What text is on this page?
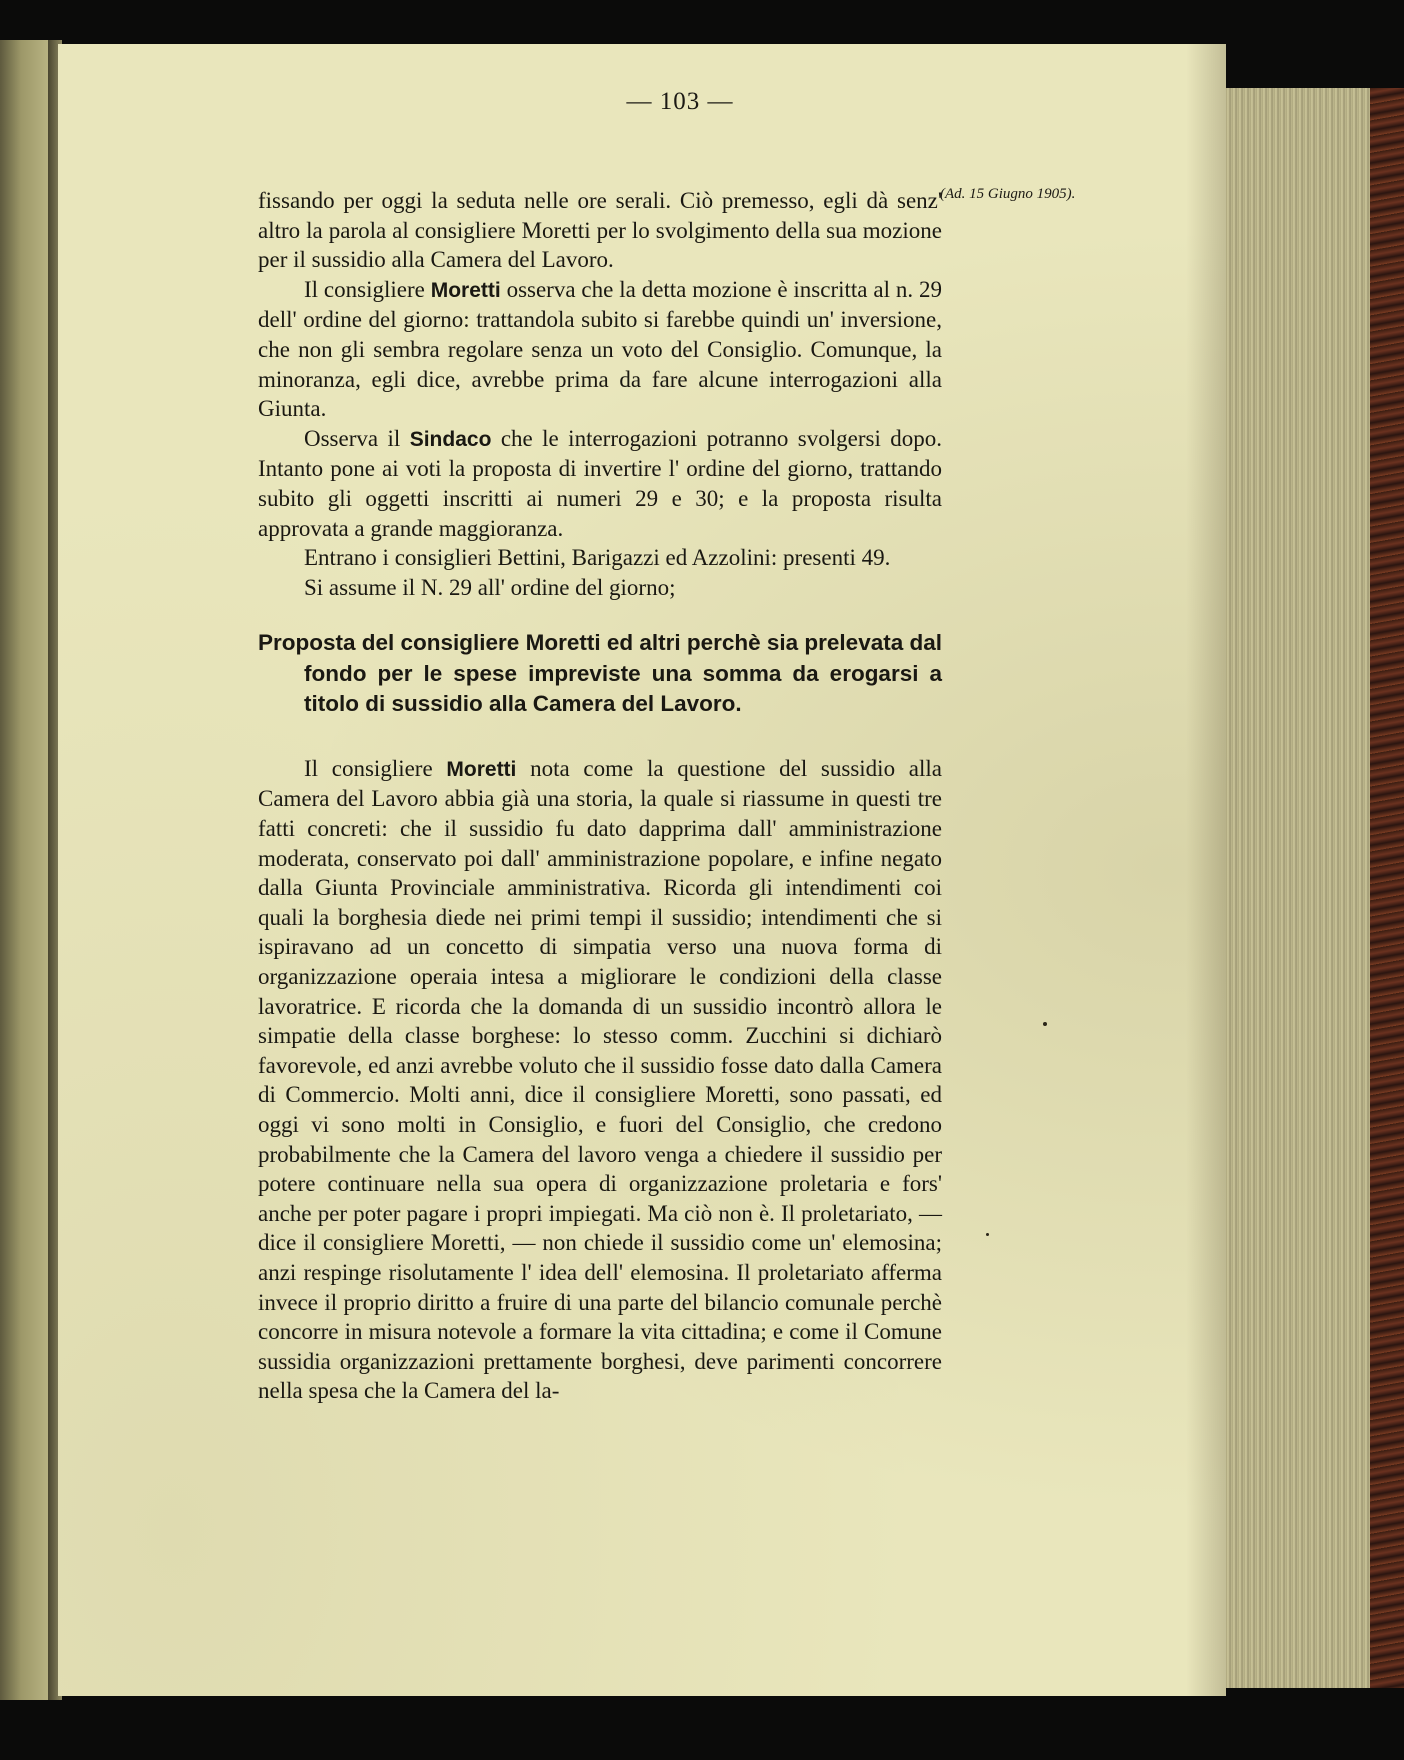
— 103 —
(Ad. 15 Giugno 1905).

fissando per oggi la seduta nelle ore serali. Ciò premesso, egli dà senz' altro la parola al consigliere Moretti per lo svolgimento della sua mozione per il sussidio alla Camera del Lavoro.

Il consigliere Moretti osserva che la detta mozione è inscritta al n. 29 dell' ordine del giorno: trattandola subito si farebbe quindi un' inversione, che non gli sembra regolare senza un voto del Consiglio. Comunque, la minoranza, egli dice, avrebbe prima da fare alcune interrogazioni alla Giunta.

Osserva il Sindaco che le interrogazioni potranno svolgersi dopo. Intanto pone ai voti la proposta di invertire l' ordine del giorno, trattando subito gli oggetti inscritti ai numeri 29 e 30; e la proposta risulta approvata a grande maggioranza.

Entrano i consiglieri Bettini, Barigazzi ed Azzolini: presenti 49.

Si assume il N. 29 all' ordine del giorno;

Proposta del consigliere Moretti ed altri perchè sia prelevata dal fondo per le spese impreviste una somma da erogarsi a titolo di sussidio alla Camera del Lavoro.

Il consigliere Moretti nota come la questione del sussidio alla Camera del Lavoro abbia già una storia, la quale si riassume in questi tre fatti concreti: che il sussidio fu dato dapprima dall' amministrazione moderata, conservato poi dall' amministrazione popolare, e infine negato dalla Giunta Provinciale amministrativa. Ricorda gli intendimenti coi quali la borghesia diede nei primi tempi il sussidio; intendimenti che si ispiravano ad un concetto di simpatia verso una nuova forma di organizzazione operaia intesa a migliorare le condizioni della classe lavoratrice. E ricorda che la domanda di un sussidio incontrò allora le simpatie della classe borghese: lo stesso comm. Zucchini si dichiarò favorevole, ed anzi avrebbe voluto che il sussidio fosse dato dalla Camera di Commercio. Molti anni, dice il consigliere Moretti, sono passati, ed oggi vi sono molti in Consiglio, e fuori del Consiglio, che credono probabilmente che la Camera del lavoro venga a chiedere il sussidio per potere continuare nella sua opera di organizzazione proletaria e fors' anche per poter pagare i propri impiegati. Ma ciò non è. Il proletariato, — dice il consigliere Moretti, — non chiede il sussidio come un' elemosina; anzi respinge risolutamente l' idea dell' elemosina. Il proletariato afferma invece il proprio diritto a fruire di una parte del bilancio comunale perchè concorre in misura notevole a formare la vita cittadina; e come il Comune sussidia organizzazioni prettamente borghesi, deve parimenti concorrere nella spesa che la Camera del la-
